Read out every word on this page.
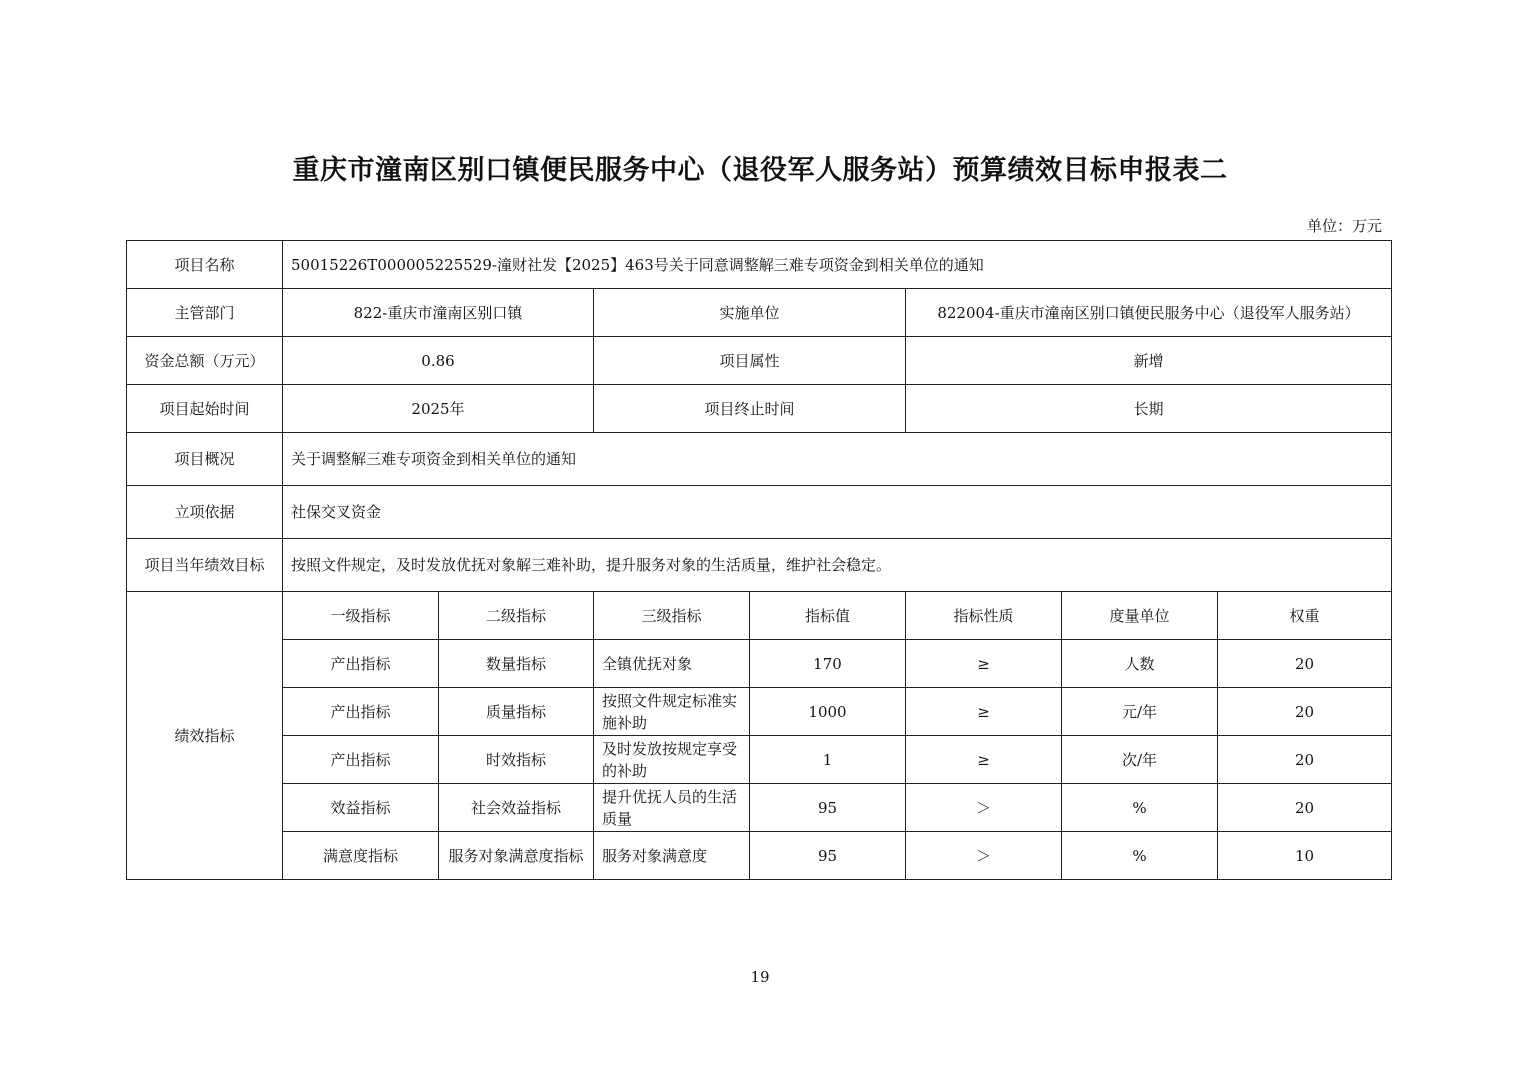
重庆市潼南区别口镇便民服务中心（退役军人服务站）预算绩效目标申报表二
单位：万元
项目名称	50015226T000005225529-潼财社发【2025】463号关于同意调整解三难专项资金到相关单位的通知						
主管部门	822-重庆市潼南区别口镇		实施单位		822004-重庆市潼南区别口镇便民服务中心（退役军人服务站）		
资金总额（万元）	0.86		项目属性		新增		
项目起始时间	2025年		项目终止时间		长期		
项目概况	关于调整解三难专项资金到相关单位的通知						
立项依据	社保交叉资金						
项目当年绩效目标	按照文件规定，及时发放优抚对象解三难补助，提升服务对象的生活质量，维护社会稳定。						
绩效指标	一级指标	二级指标	三级指标	指标值	指标性质	度量单位	权重
	产出指标	数量指标	全镇优抚对象	170	≥	人数	20
	产出指标	质量指标	按照文件规定标准实施补助	1000	≥	元/年	20
	产出指标	时效指标	及时发放按规定享受的补助	1	≥	次/年	20
	效益指标	社会效益指标	提升优抚人员的生活质量	95	＞	%	20
	满意度指标	服务对象满意度指标	服务对象满意度	95	＞	%	10
19
